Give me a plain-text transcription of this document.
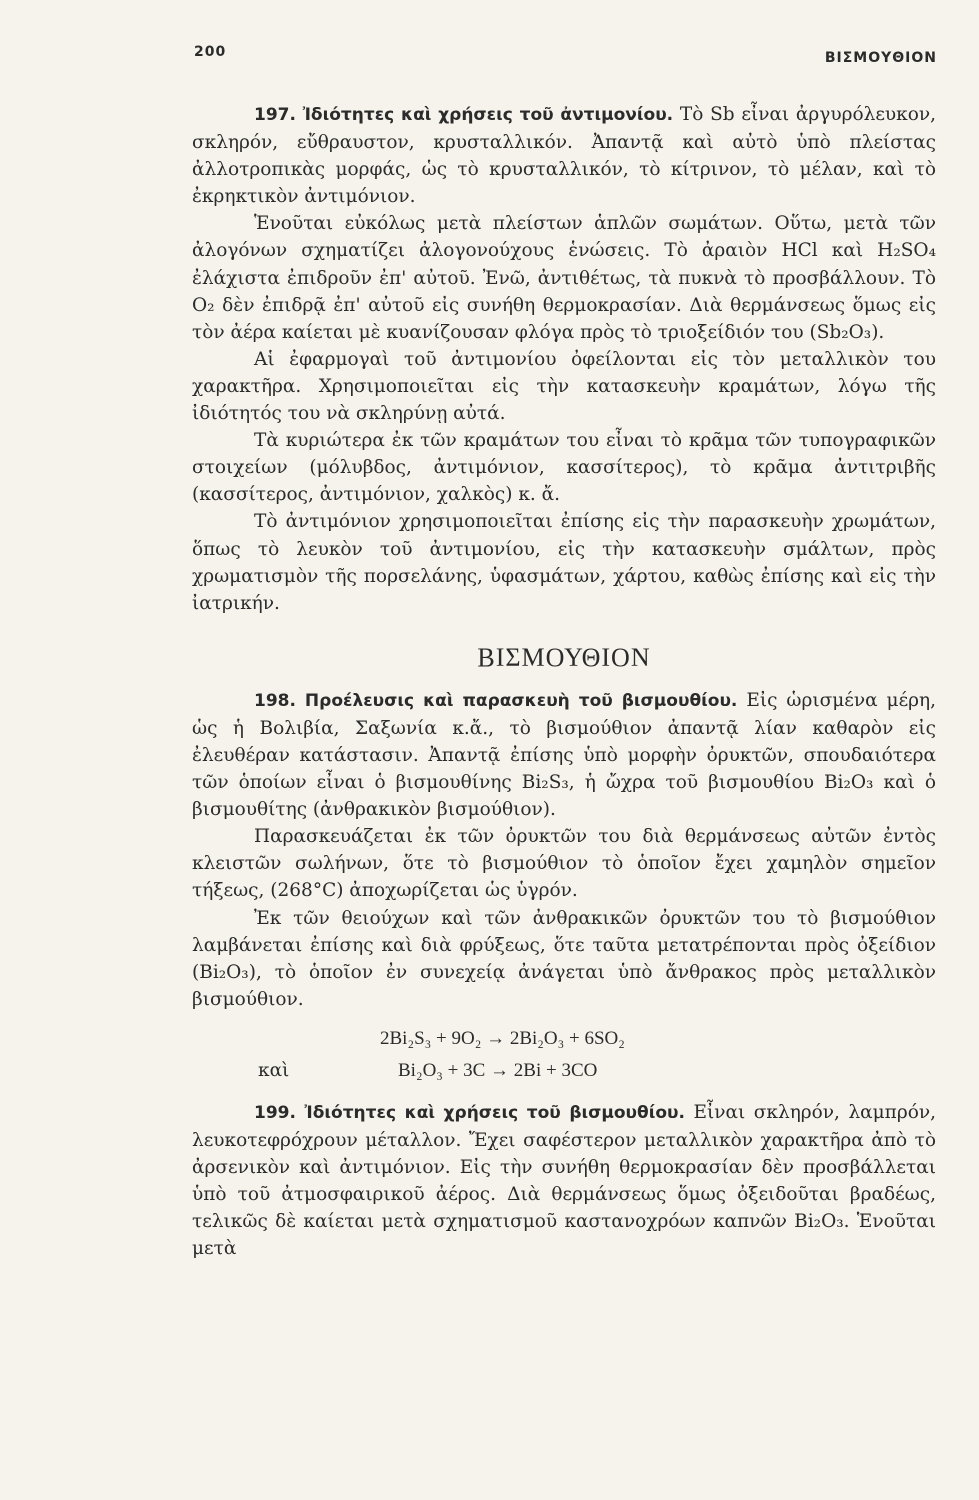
200	ΒΙΣΜΟΥΘΙΟΝ

197. Ἰδιότητες καὶ χρήσεις τοῦ ἀντιμονίου. Τὸ Sb εἶναι ἀργυρόλευκον, σκληρόν, εὔθραυστον, κρυσταλλικόν. Ἀπαντᾷ καὶ αὐτὸ ὑπὸ πλείστας ἀλλοτροπικὰς μορφάς, ὡς τὸ κρυσταλλικόν, τὸ κίτρινον, τὸ μέλαν, καὶ τὸ ἐκρηκτικὸν ἀντιμόνιον.

Ἑνοῦται εὐκόλως μετὰ πλείστων ἁπλῶν σωμάτων. Οὕτω, μετὰ τῶν ἀλογόνων σχηματίζει ἀλογονούχους ἑνώσεις. Τὸ ἀραιὸν HCl καὶ H₂SO₄ ἐλάχιστα ἐπιδροῦν ἐπ' αὐτοῦ. Ἐνῶ, ἀντιθέτως, τὰ πυκνὰ τὸ προσβάλλουν. Τὸ O₂ δὲν ἐπιδρᾷ ἐπ' αὐτοῦ εἰς συνήθη θερμοκρασίαν. Διὰ θερμάνσεως ὅμως εἰς τὸν ἀέρα καίεται μὲ κυανίζουσαν φλόγα πρὸς τὸ τριοξείδιόν του (Sb₂O₃).

Αἱ ἐφαρμογαὶ τοῦ ἀντιμονίου ὀφείλονται εἰς τὸν μεταλλικὸν του χαρακτῆρα. Χρησιμοποιεῖται εἰς τὴν κατασκευὴν κραμάτων, λόγω τῆς ἰδιότητός του νὰ σκληρύνῃ αὐτά.

Τὰ κυριώτερα ἐκ τῶν κραμάτων του εἶναι τὸ κρᾶμα τῶν τυπογραφικῶν στοιχείων (μόλυβδος, ἀντιμόνιον, κασσίτερος), τὸ κρᾶμα ἀντιτριβῆς (κασσίτερος, ἀντιμόνιον, χαλκὸς) κ. ἄ.

Τὸ ἀντιμόνιον χρησιμοποιεῖται ἐπίσης εἰς τὴν παρασκευὴν χρωμάτων, ὅπως τὸ λευκὸν τοῦ ἀντιμονίου, εἰς τὴν κατασκευὴν σμάλτων, πρὸς χρωματισμὸν τῆς πορσελάνης, ὑφασμάτων, χάρτου, καθὼς ἐπίσης καὶ εἰς τὴν ἰατρικήν.

ΒΙΣΜΟΥΘΙΟΝ

198. Προέλευσις καὶ παρασκευὴ τοῦ βισμουθίου. Εἰς ὡρισμένα μέρη, ὡς ἡ Βολιβία, Σαξωνία κ.ἄ., τὸ βισμούθιον ἀπαντᾷ λίαν καθαρὸν εἰς ἐλευθέραν κατάστασιν. Ἀπαντᾷ ἐπίσης ὑπὸ μορφὴν ὀρυκτῶν, σπουδαιότερα τῶν ὁποίων εἶναι ὁ βισμουθίνης Bi₂S₃, ἡ ὤχρα τοῦ βισμουθίου Bi₂O₃ καὶ ὁ βισμουθίτης (ἀνθρακικὸν βισμούθιον).

Παρασκευάζεται ἐκ τῶν ὀρυκτῶν του διὰ θερμάνσεως αὐτῶν ἐντὸς κλειστῶν σωλήνων, ὅτε τὸ βισμούθιον τὸ ὁποῖον ἔχει χαμηλὸν σημεῖον τήξεως, (268°C) ἀποχωρίζεται ὡς ὑγρόν.

Ἐκ τῶν θειούχων καὶ τῶν ἀνθρακικῶν ὀρυκτῶν του τὸ βισμούθιον λαμβάνεται ἐπίσης καὶ διὰ φρύξεως, ὅτε ταῦτα μετατρέπονται πρὸς ὀξείδιον (Bi₂O₃), τὸ ὁποῖον ἐν συνεχείᾳ ἀνάγεται ὑπὸ ἄνθρακος πρὸς μεταλλικὸν βισμούθιον.

2Bi₂S₃ + 9O₂ → 2Bi₂O₃ + 6SO₂
καὶ	Bi₂O₃ + 3C → 2Bi + 3CO

199. Ἰδιότητες καὶ χρήσεις τοῦ βισμουθίου. Εἶναι σκληρόν, λαμπρόν, λευκοτεφρόχρουν μέταλλον. Ἔχει σαφέστερον μεταλλικὸν χαρακτῆρα ἀπὸ τὸ ἀρσενικὸν καὶ ἀντιμόνιον. Εἰς τὴν συνήθη θερμοκρασίαν δὲν προσβάλλεται ὑπὸ τοῦ ἀτμοσφαιρικοῦ ἀέρος. Διὰ θερμάνσεως ὅμως ὀξειδοῦται βραδέως, τελικῶς δὲ καίεται μετὰ σχηματισμοῦ καστανοχρόων καπνῶν Bi₂O₃. Ἑνοῦται μετὰ
